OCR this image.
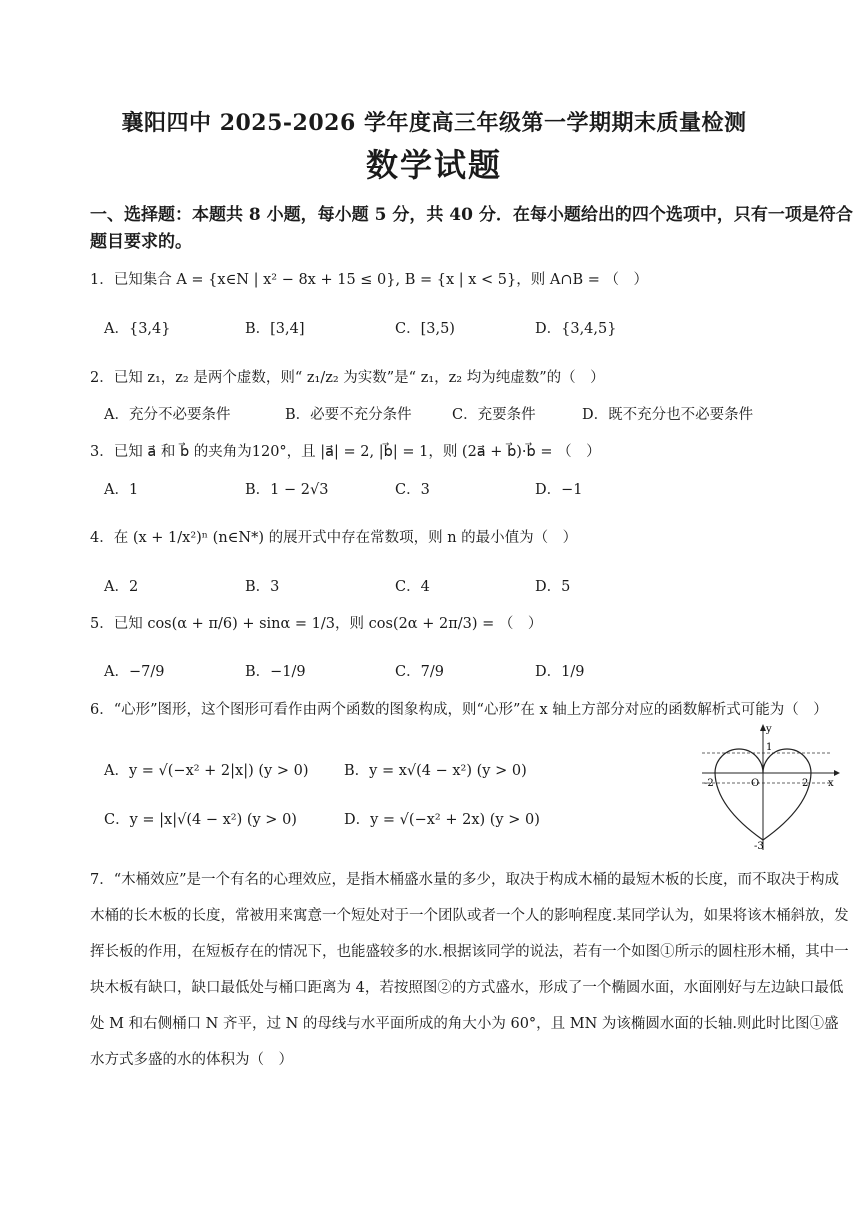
襄阳四中 2025-2026 学年度高三年级第一学期期末质量检测
数学试题
一、选择题：本题共 8 小题，每小题 5 分，共 40 分．在每小题给出的四个选项中，只有一项是符合题目要求的。
1．已知集合 A = {x∈N | x² − 8x + 15 ≤ 0}, B = {x | x < 5}，则 A∩B = （　）
A．{3,4}	B．[3,4]	C．[3,5)	D．{3,4,5}
2．已知 z₁，z₂ 是两个虚数，则“ z₁/z₂ 为实数”是“ z₁，z₂ 均为纯虚数”的（　）
A．充分不必要条件	B．必要不充分条件	C．充要条件	D．既不充分也不必要条件
3．已知 a⃗ 和 b⃗ 的夹角为120°，且 |a⃗| = 2, |b⃗| = 1，则 (2a⃗ + b⃗)·b⃗ = （　）
A．1	B．1 − 2√3	C．3	D．−1
4．在 (x + 1/x²)ⁿ (n∈N*) 的展开式中存在常数项，则 n 的最小值为（　）
A．2	B．3	C．4	D．5
5．已知 cos(α + π/6) + sinα = 1/3，则 cos(2α + 2π/3) = （　）
A．−7/9	B．−1/9	C．7/9	D．1/9
6．“心形”图形，这个图形可看作由两个函数的图象构成，则“心形”在 x 轴上方部分对应的函数解析式可能为（　）
A．y = √(−x² + 2|x|) (y > 0) B．y = x√(4 − x²) (y > 0)
C．y = |x|√(4 − x²) (y > 0)	D．y = √(−x² + 2x) (y > 0)
y
x
O
-2	2
1
-3
7．“木桶效应”是一个有名的心理效应，是指木桶盛水量的多少，取决于构成木桶的最短木板的长度，而不取决于构成木桶的长木板的长度，常被用来寓意一个短处对于一个团队或者一个人的影响程度.某同学认为，如果将该木桶斜放，发挥长板的作用，在短板存在的情况下，也能盛较多的水.根据该同学的说法，若有一个如图①所示的圆柱形木桶，其中一块木板有缺口，缺口最低处与桶口距离为 4，若按照图②的方式盛水，形成了一个椭圆水面，水面刚好与左边缺口最低处 M 和右侧桶口 N 齐平，过 N 的母线与水平面所成的角大小为 60°，且 MN 为该椭圆水面的长轴.则此时比图①盛水方式多盛的水的体积为（　）
